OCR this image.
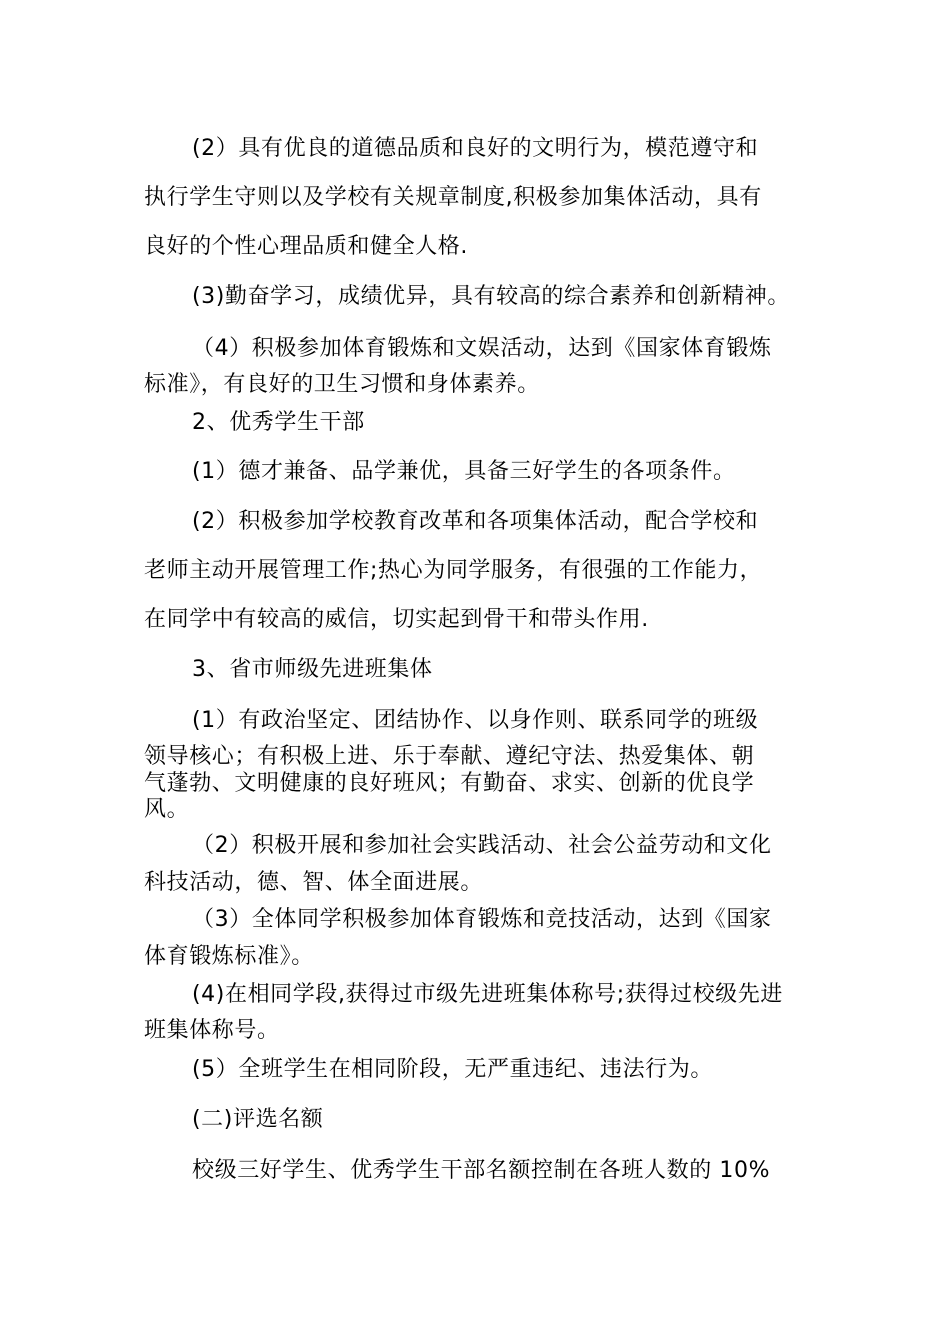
(2）具有优良的道德品质和良好的文明行为，模范遵守和
执行学生守则以及学校有关规章制度,积极参加集体活动，具有
良好的个性心理品质和健全人格.
(3)勤奋学习，成绩优异，具有较高的综合素养和创新精神。
（4）积极参加体育锻炼和文娱活动，达到《国家体育锻炼
标准》，有良好的卫生习惯和身体素养。
2、优秀学生干部
(1）德才兼备、品学兼优，具备三好学生的各项条件。
(2）积极参加学校教育改革和各项集体活动，配合学校和
老师主动开展管理工作;热心为同学服务，有很强的工作能力，
在同学中有较高的威信，切实起到骨干和带头作用.
3、省市师级先进班集体
(1）有政治坚定、团结协作、以身作则、联系同学的班级
领导核心；有积极上进、乐于奉献、遵纪守法、热爱集体、朝
气蓬勃、文明健康的良好班风；有勤奋、求实、创新的优良学
风。
（2）积极开展和参加社会实践活动、社会公益劳动和文化
科技活动，德、智、体全面进展。
（3）全体同学积极参加体育锻炼和竞技活动，达到《国家
体育锻炼标准》。
(4)在相同学段,获得过市级先进班集体称号;获得过校级先进
班集体称号。
(5）全班学生在相同阶段，无严重违纪、违法行为。
(二)评选名额
校级三好学生、优秀学生干部名额控制在各班人数的 10%
